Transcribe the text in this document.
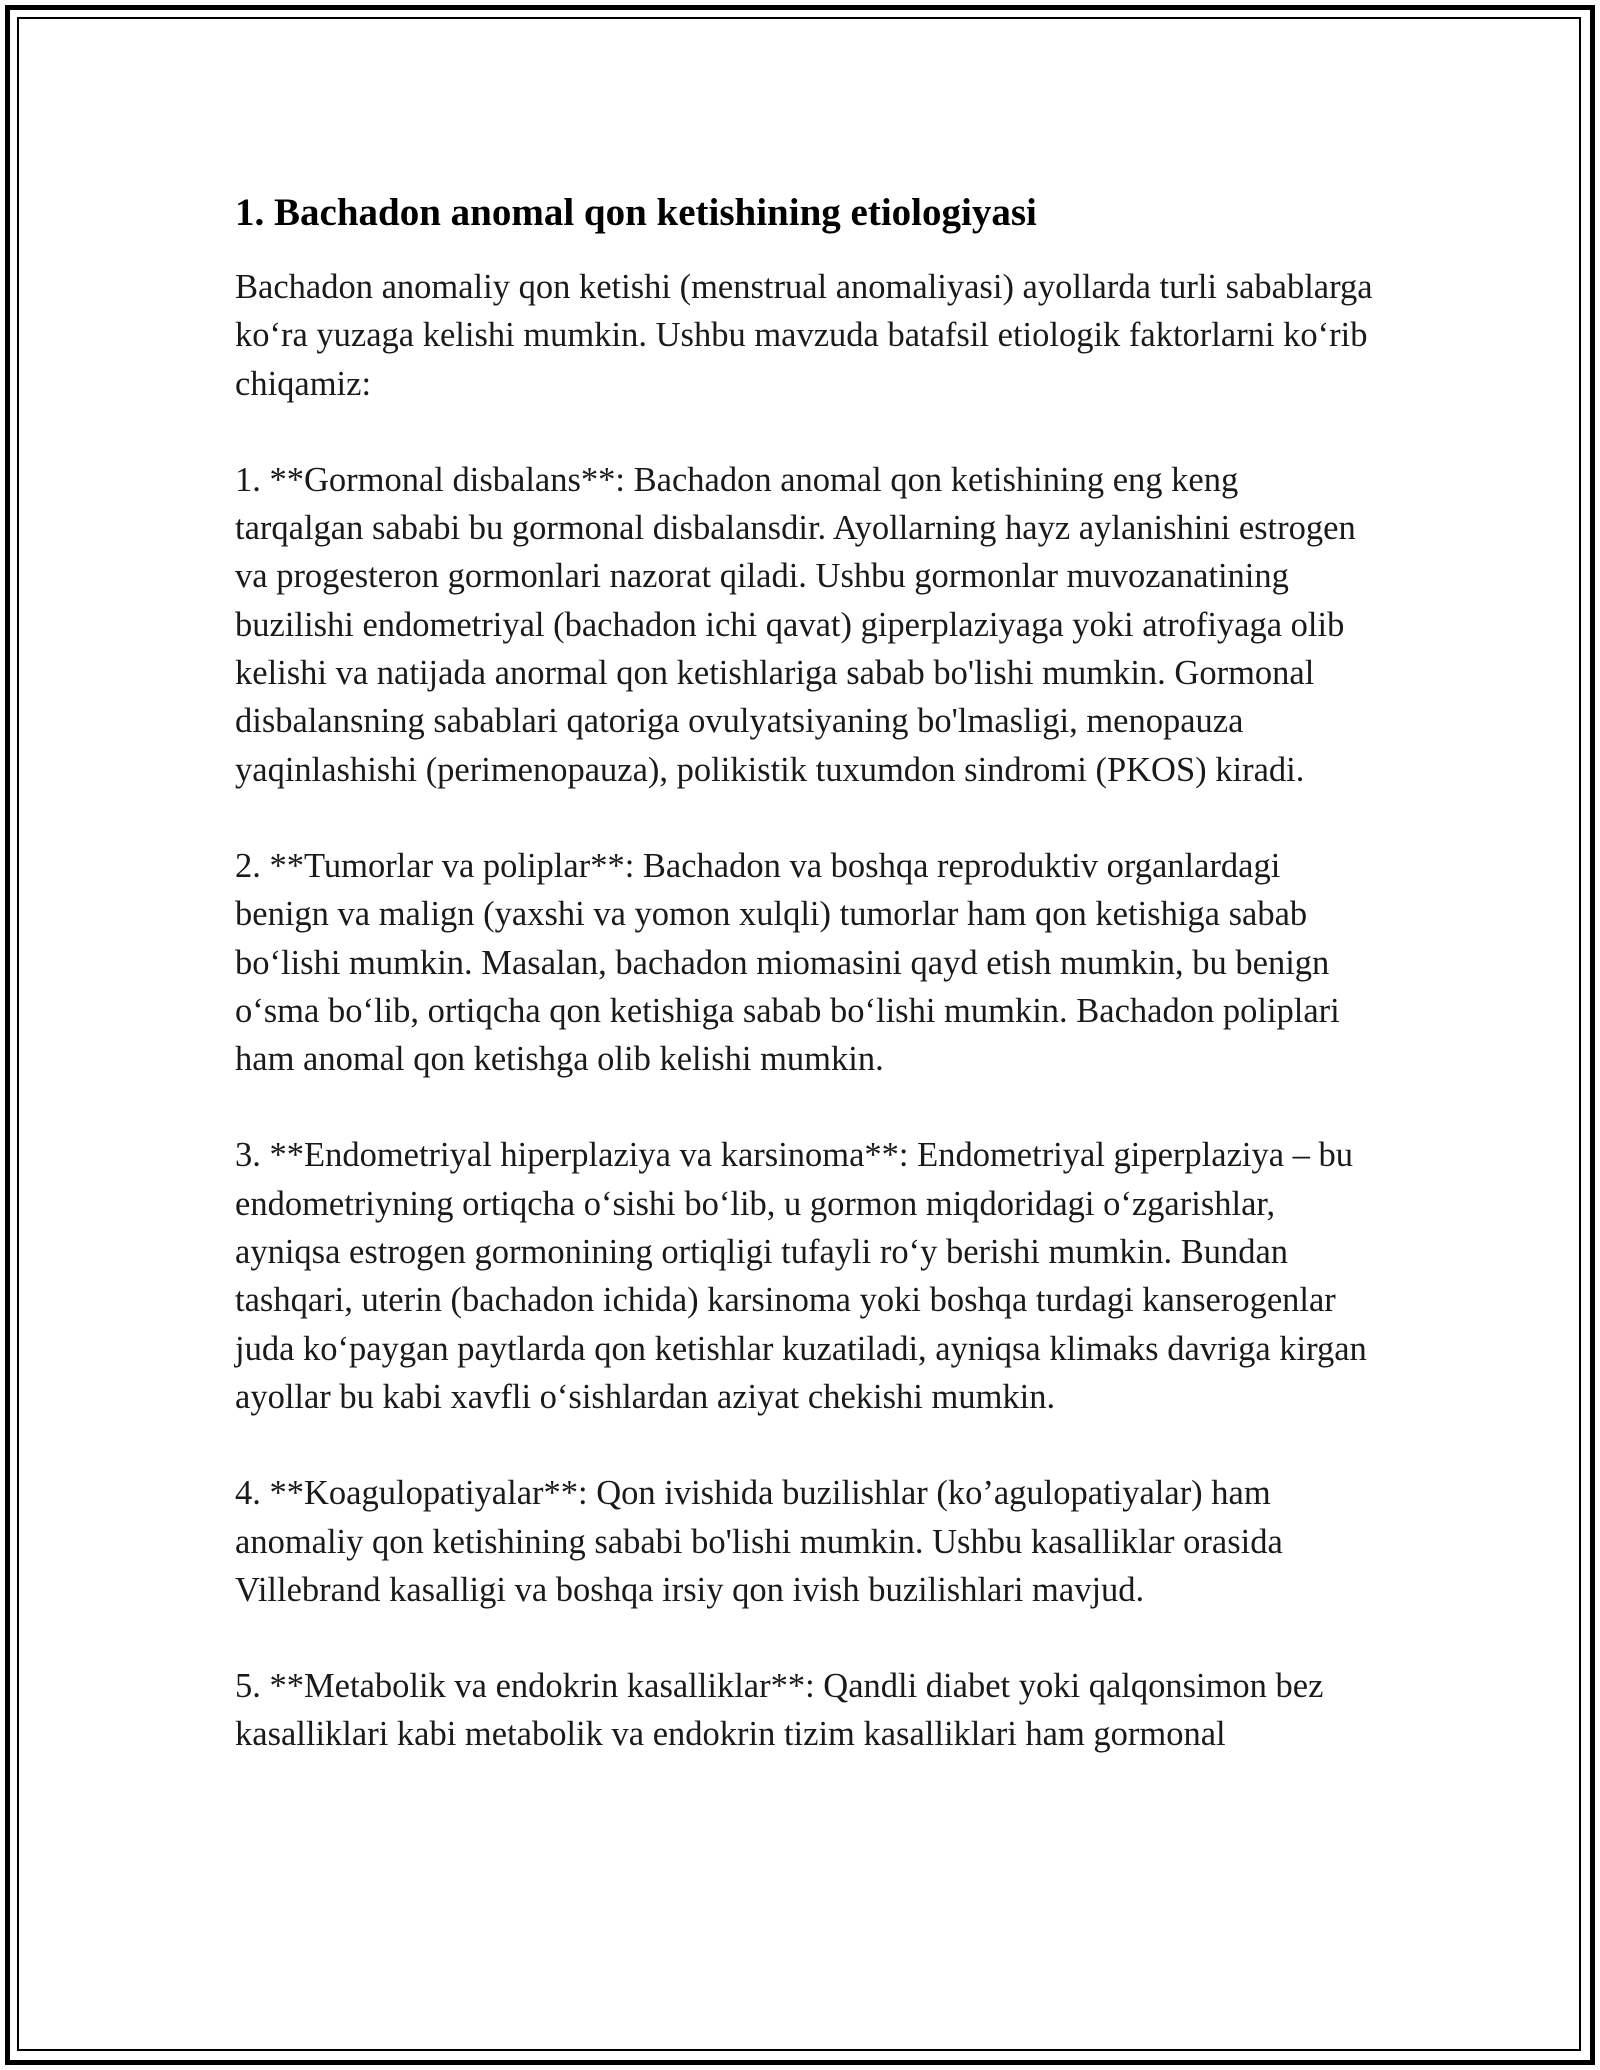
1. Bachadon anomal qon ketishining etiologiyasi

Bachadon anomaliy qon ketishi (menstrual anomaliyasi) ayollarda turli sabablarga ko‘ra yuzaga kelishi mumkin. Ushbu mavzuda batafsil etiologik faktorlarni ko‘rib chiqamiz:

1. **Gormonal disbalans**: Bachadon anomal qon ketishining eng keng tarqalgan sababi bu gormonal disbalansdir. Ayollarning hayz aylanishini estrogen va progesteron gormonlari nazorat qiladi. Ushbu gormonlar muvozanatining buzilishi endometriyal (bachadon ichi qavat) giperplaziyaga yoki atrofiyaga olib kelishi va natijada anormal qon ketishlariga sabab bo'lishi mumkin. Gormonal disbalansning sabablari qatoriga ovulyatsiyaning bo'lmasligi, menopauza yaqinlashishi (perimenopauza), polikistik tuxumdon sindromi (PKOS) kiradi.

2. **Tumorlar va poliplar**: Bachadon va boshqa reproduktiv organlardagi benign va malign (yaxshi va yomon xulqli) tumorlar ham qon ketishiga sabab bo‘lishi mumkin. Masalan, bachadon miomasini qayd etish mumkin, bu benign o‘sma bo‘lib, ortiqcha qon ketishiga sabab bo‘lishi mumkin. Bachadon poliplari ham anomal qon ketishga olib kelishi mumkin.

3. **Endometriyal hiperplaziya va karsinoma**: Endometriyal giperplaziya – bu endometriyning ortiqcha o‘sishi bo‘lib, u gormon miqdoridagi o‘zgarishlar, ayniqsa estrogen gormonining ortiqligi tufayli ro‘y berishi mumkin. Bundan tashqari, uterin (bachadon ichida) karsinoma yoki boshqa turdagi kanserogenlar juda ko‘paygan paytlarda qon ketishlar kuzatiladi, ayniqsa klimaks davriga kirgan ayollar bu kabi xavfli o‘sishlardan aziyat chekishi mumkin.

4. **Koagulopatiyalar**: Qon ivishida buzilishlar (ko’agulopatiyalar) ham anomaliy qon ketishining sababi bo'lishi mumkin. Ushbu kasalliklar orasida Villebrand kasalligi va boshqa irsiy qon ivish buzilishlari mavjud.

5. **Metabolik va endokrin kasalliklar**: Qandli diabet yoki qalqonsimon bez kasalliklari kabi metabolik va endokrin tizim kasalliklari ham gormonal
